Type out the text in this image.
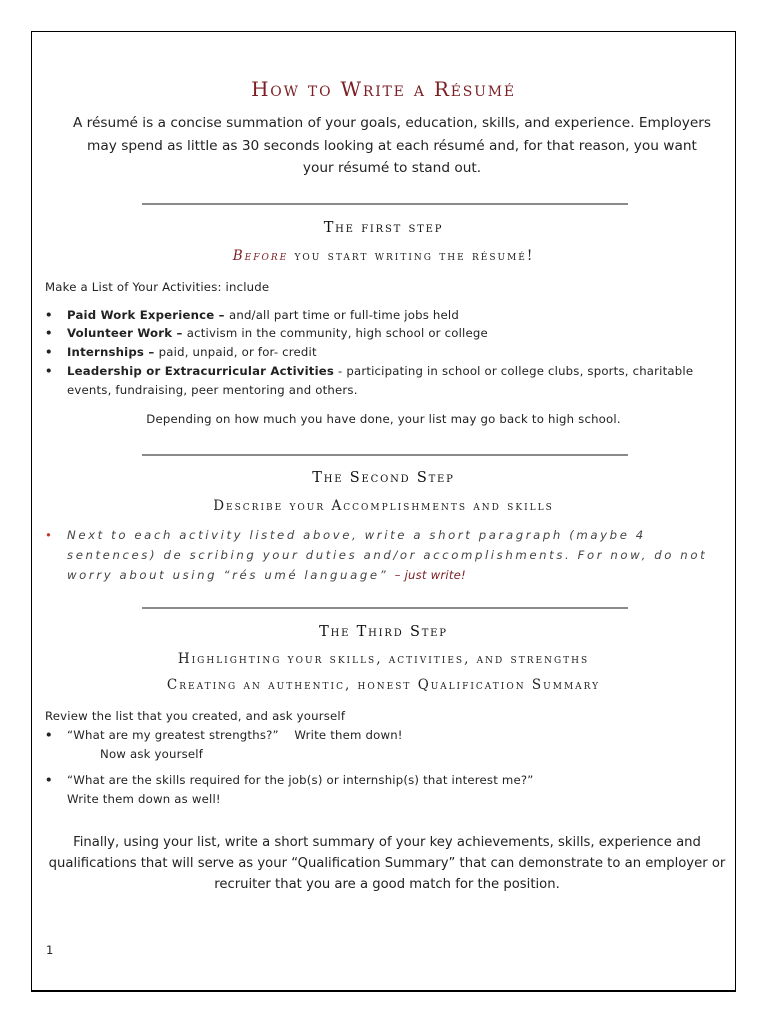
How to Write a Résumé
A résumé is a concise summation of your goals, education, skills, and experience. Employers may spend as little as 30 seconds looking at each résumé and, for that reason, you want your résumé to stand out.
The first step
Before you start writing the résumé!
Make a List of Your Activities: include
• Paid Work Experience – and/all part time or full-time jobs held
• Volunteer Work – activism in the community, high school or college
• Internships – paid, unpaid, or for- credit
• Leadership or Extracurricular Activities - participating in school or college clubs, sports, charitable events, fundraising, peer mentoring and others.
Depending on how much you have done, your list may go back to high school.
The Second Step
Describe your Accomplishments and skills
• Next to each activity listed above, write a short paragraph (maybe 4 sentences) de scribing your duties and/or accomplishments. For now, do not worry about using “rés umé language” – just write!
The Third Step
Highlighting your skills, activities, and strengths
Creating an authentic, honest Qualification Summary
Review the list that you created, and ask yourself
• “What are my greatest strengths?”    Write them down!
Now ask yourself
• “What are the skills required for the job(s) or internship(s) that interest me?”
Write them down as well!
Finally, using your list, write a short summary of your key achievements, skills, experience and qualifications that will serve as your “Qualification Summary” that can demonstrate to an employer or recruiter that you are a good match for the position.
1
